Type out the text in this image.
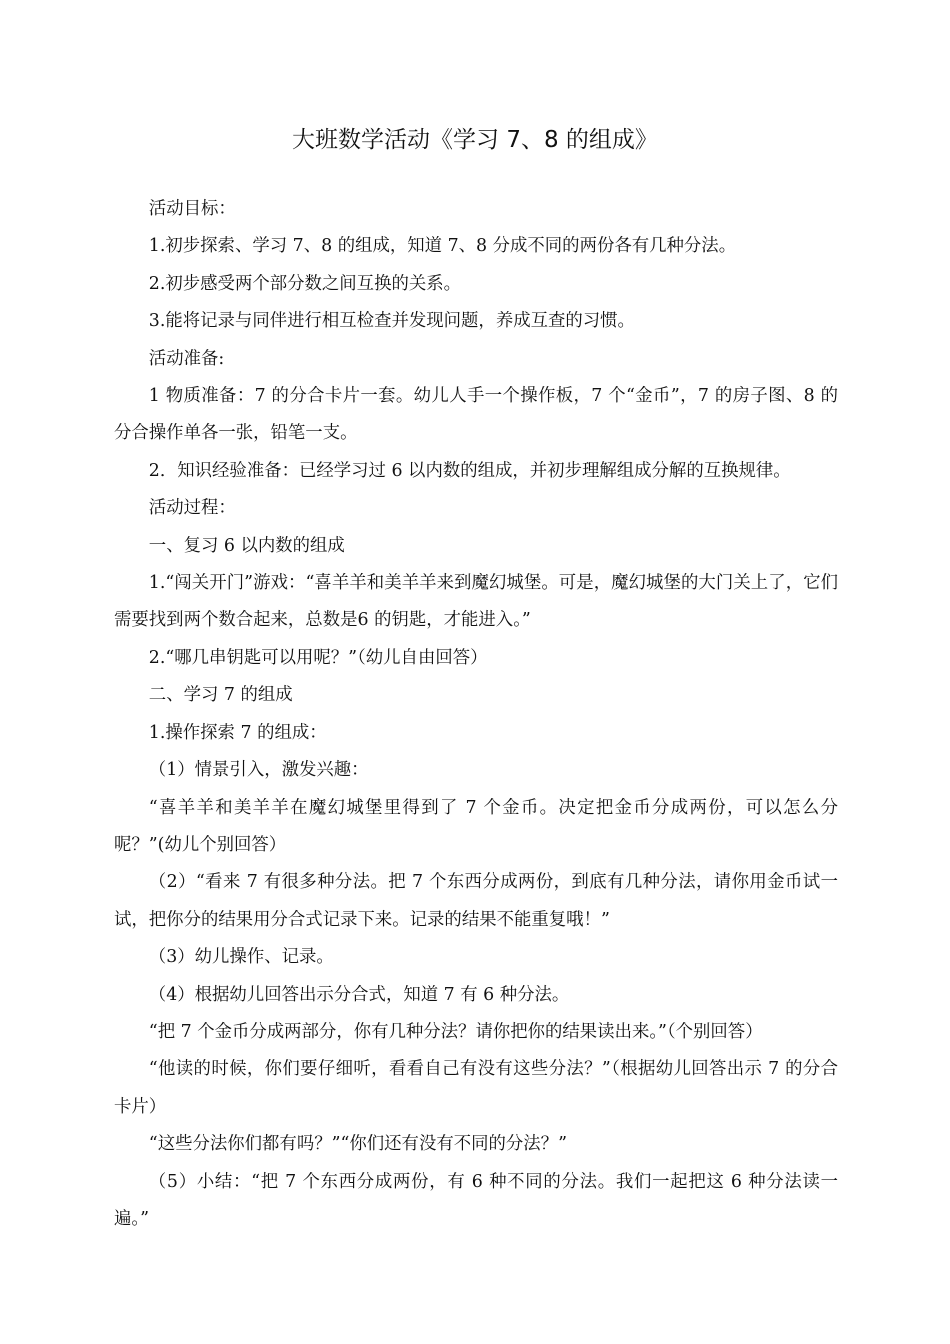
大班数学活动《学习 7、8 的组成》

活动目标：

1.初步探索、学习 7、8 的组成，知道 7、8 分成不同的两份各有几种分法。

2.初步感受两个部分数之间互换的关系。

3.能将记录与同伴进行相互检查并发现问题，养成互查的习惯。

活动准备:

1 物质准备：7 的分合卡片一套。幼儿人手一个操作板，7 个“金币”，7 的房子图、8 的分合操作单各一张，铅笔一支。

2．知识经验准备：已经学习过 6 以内数的组成，并初步理解组成分解的互换规律。

活动过程：

一、复习 6 以内数的组成

1.“闯关开门”游戏：“喜羊羊和美羊羊来到魔幻城堡。可是，魔幻城堡的大门关上了，它们需要找到两个数合起来，总数是6 的钥匙，才能进入。”

2.“哪几串钥匙可以用呢？”（幼儿自由回答）

二、学习 7 的组成

1.操作探索 7 的组成：

（1）情景引入，激发兴趣：

“喜羊羊和美羊羊在魔幻城堡里得到了 7 个金币。决定把金币分成两份，可以怎么分呢？”(幼儿个别回答）

（2）“看来 7 有很多种分法。把 7 个东西分成两份，到底有几种分法，请你用金币试一试，把你分的结果用分合式记录下来。记录的结果不能重复哦！”

（3）幼儿操作、记录。

（4）根据幼儿回答出示分合式，知道 7 有 6 种分法。

“把 7 个金币分成两部分，你有几种分法？请你把你的结果读出来。”（个别回答）

“他读的时候，你们要仔细听，看看自己有没有这些分法？”（根据幼儿回答出示 7 的分合卡片）

“这些分法你们都有吗？”“你们还有没有不同的分法？”

（5）小结：“把 7 个东西分成两份，有 6 种不同的分法。我们一起把这 6 种分法读一遍。”
